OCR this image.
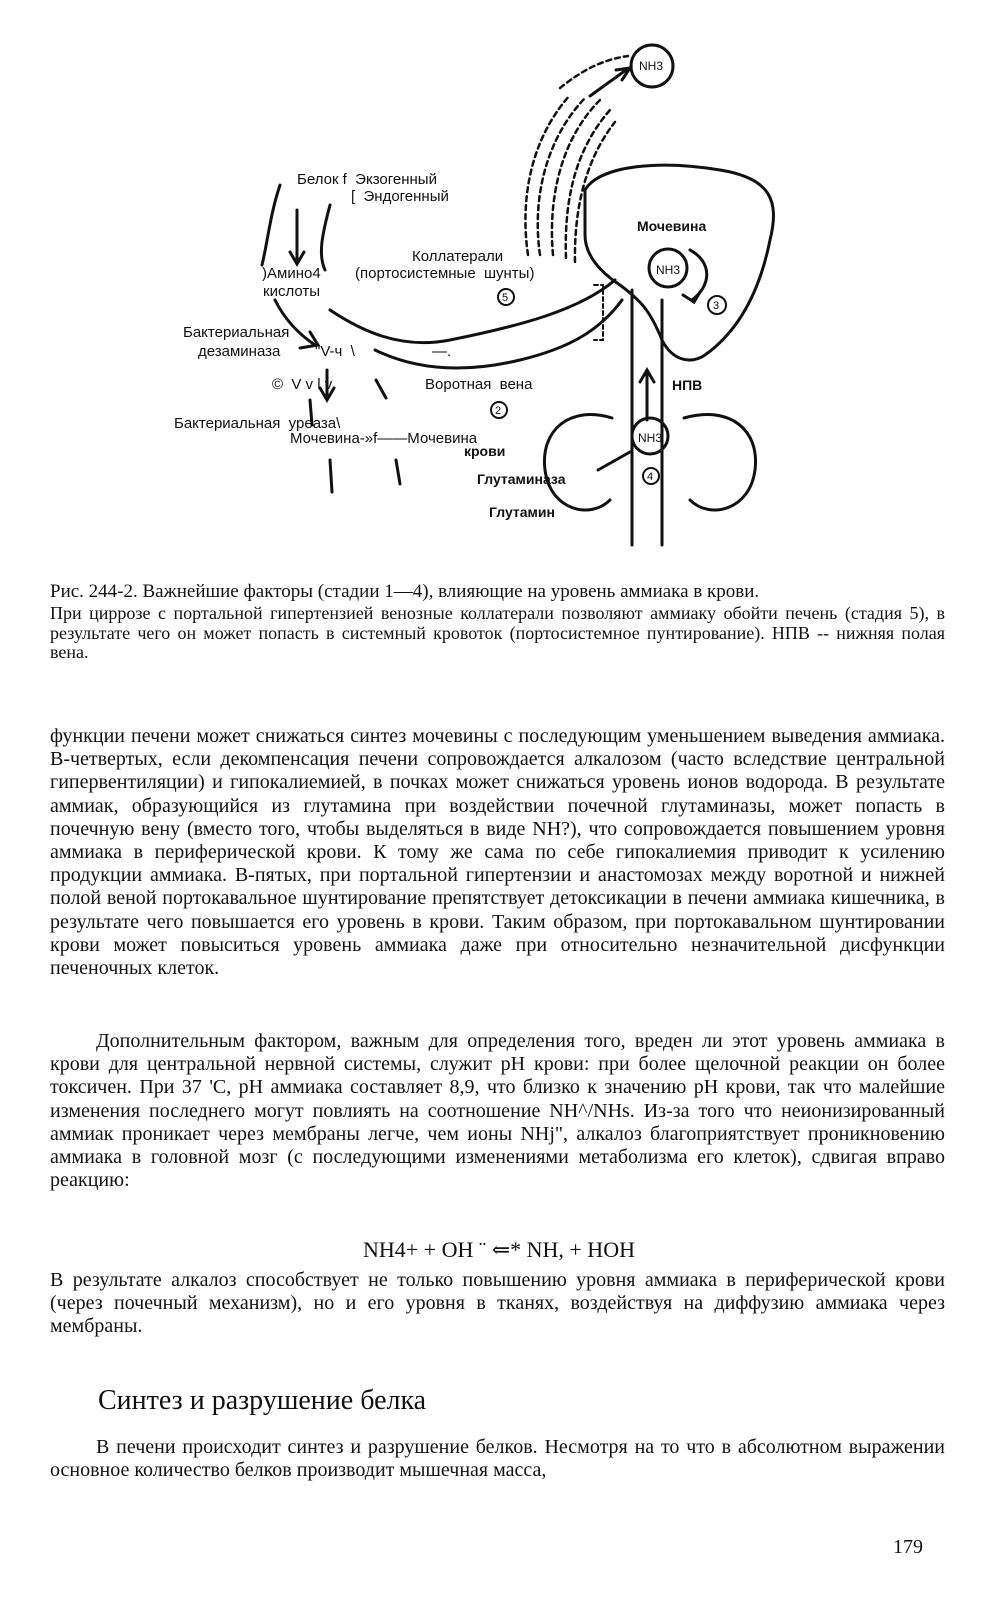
NH3
Белок f  Экзогенный
[  Эндогенный
Мочевина
Коллатерали
)Амино4 (портосистемные  шунты)	NH3
кислоты	5
3
Бактериальная
дезаминаза "V-ч  \	—.
©  V v l v	Воротная  вена	НПВ
2
Бактериальная  уреаза\
Мочевина-»f——Мочевина
крови
NH3
4
Глутаминаза
Глутамин

Рис. 244-2. Важнейшие факторы (стадии 1—4), влияющие на уровень аммиака в крови.

При циррозе с портальной гипертензией венозные коллатерали позволяют аммиаку обойти печень (стадия 5), в результате чего он может попасть в системный кровоток (портосистемное пунтирование). НПВ -- нижняя полая вена.

функции печени может снижаться синтез мочевины с последующим уменьшением выведения аммиака. В-четвертых, если декомпенсация печени сопровождается алкалозом (часто вследствие центральной гипервентиляции) и гипокалиемией, в почках может снижаться уровень ионов водорода. В результате аммиак, образующийся из глутамина при воздействии почечной глутаминазы, может попасть в почечную вену (вместо того, чтобы выделяться в виде NH?), что сопровождается повышением уровня аммиака в периферической крови. К тому же сама по себе гипокалиемия приводит к усилению продукции аммиака. В-пятых, при портальной гипертензии и анастомозах между воротной и нижней полой веной портокавальное шунтирование препятствует детоксикации в печени аммиака кишечника, в результате чего повышается его уровень в крови. Таким образом, при портокавальном шунтировании крови может повыситься уровень аммиака даже при относительно незначительной дисфункции печеночных клеток.

Дополнительным фактором, важным для определения того, вреден ли этот уровень аммиака в крови для центральной нервной системы, служит рН крови: при более щелочной реакции он более токсичен. При 37 'С, рН аммиака составляет 8,9, что близко к значению рН крови, так что малейшие изменения последнего могут повлиять на соотношение NH^/NHs. Из-за того что неионизированный аммиак проникает через мембраны легче, чем ионы NHj", алкалоз благоприятствует проникновению аммиака в головной мозг (с последующими изменениями метаболизма его клеток), сдвигая вправо реакцию:

NH4+ + OH ¨ ⇐* NH, + HOH

В результате алкалоз способствует не только повышению уровня аммиака в периферической крови (через почечный механизм), но и его уровня в тканях, воздействуя на диффузию аммиака через мембраны.

Синтез и разрушение белка

В печени происходит синтез и разрушение белков. Несмотря на то что в абсолютном выражении основное количество белков производит мышечная масса,

179
